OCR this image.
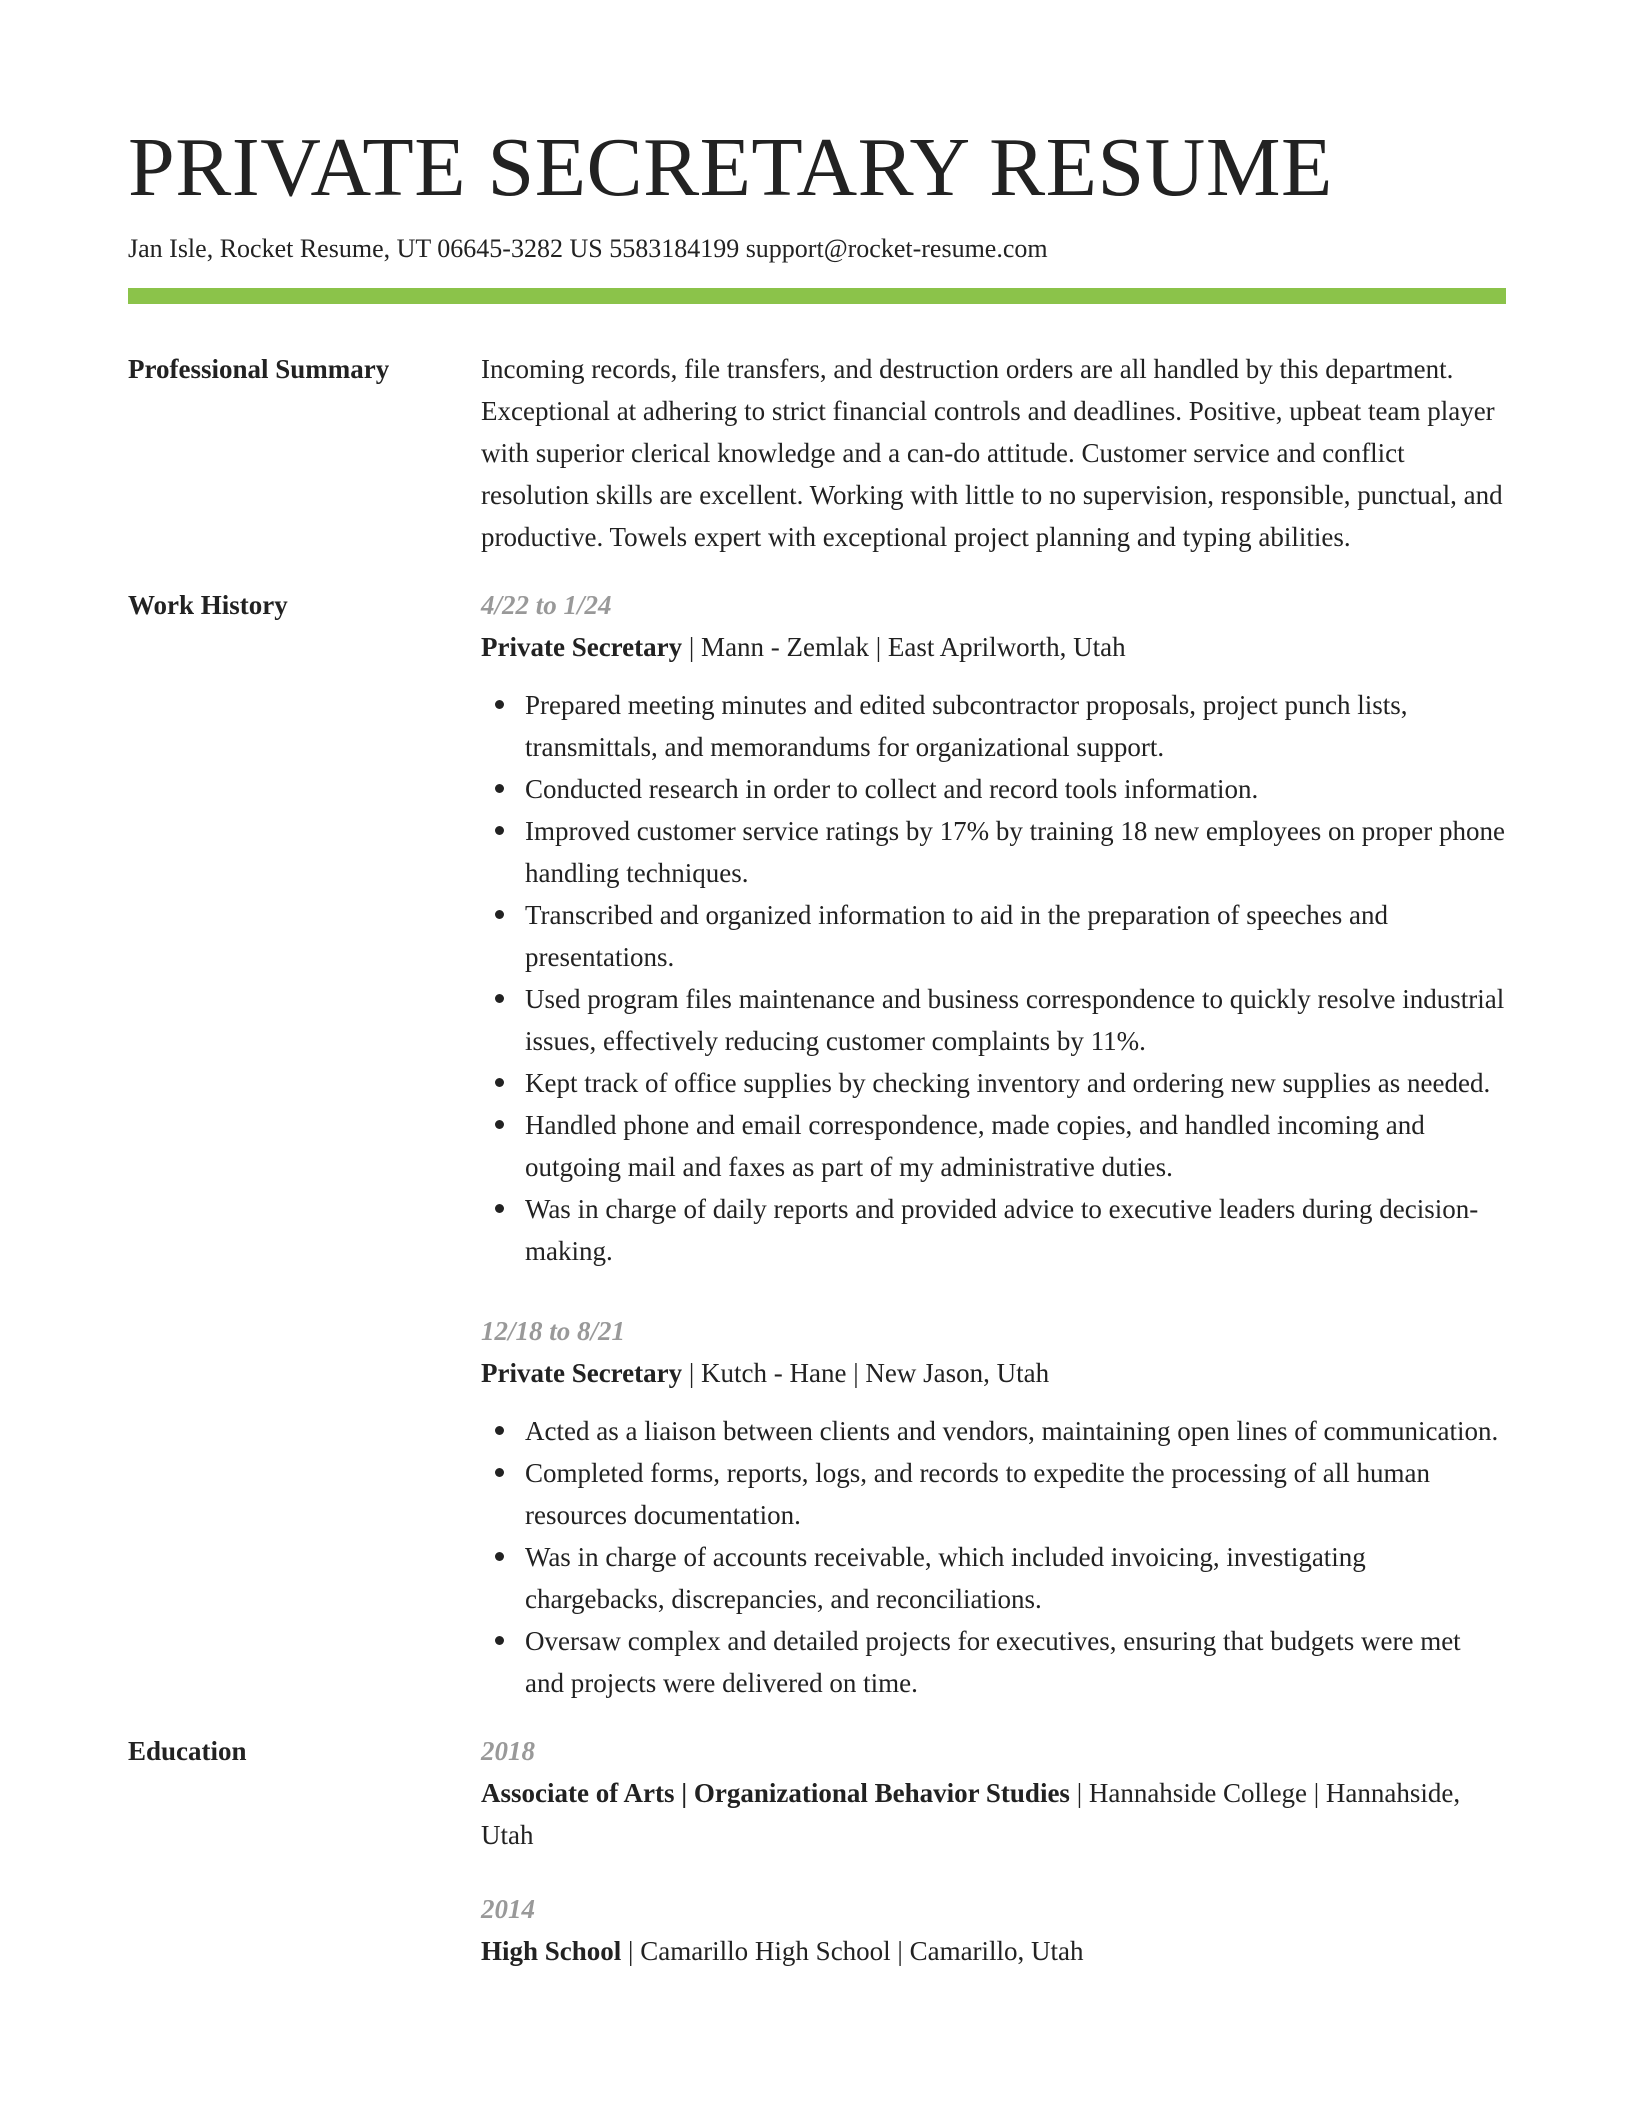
PRIVATE SECRETARY RESUME
Jan Isle, Rocket Resume, UT 06645-3282 US 5583184199 support@rocket-resume.com
Professional Summary	Incoming records, file transfers, and destruction orders are all handled by this department. Exceptional at adhering to strict financial controls and deadlines. Positive, upbeat team player with superior clerical knowledge and a can-do attitude. Customer service and conflict resolution skills are excellent. Working with little to no supervision, responsible, punctual, and productive. Towels expert with exceptional project planning and typing abilities.

Work History	4/22 to 1/24
Private Secretary | Mann - Zemlak | East Aprilworth, Utah
Prepared meeting minutes and edited subcontractor proposals, project punch lists, transmittals, and memorandums for organizational support.
Conducted research in order to collect and record tools information.
Improved customer service ratings by 17% by training 18 new employees on proper phone handling techniques.
Transcribed and organized information to aid in the preparation of speeches and presentations.
Used program files maintenance and business correspondence to quickly resolve industrial issues, effectively reducing customer complaints by 11%.
Kept track of office supplies by checking inventory and ordering new supplies as needed.
Handled phone and email correspondence, made copies, and handled incoming and outgoing mail and faxes as part of my administrative duties.
Was in charge of daily reports and provided advice to executive leaders during decision-making.
12/18 to 8/21
Private Secretary | Kutch - Hane | New Jason, Utah
Acted as a liaison between clients and vendors, maintaining open lines of communication.
Completed forms, reports, logs, and records to expedite the processing of all human resources documentation.
Was in charge of accounts receivable, which included invoicing, investigating chargebacks, discrepancies, and reconciliations.
Oversaw complex and detailed projects for executives, ensuring that budgets were met and projects were delivered on time.
Education	2018
Associate of Arts | Organizational Behavior Studies | Hannahside College | Hannahside, Utah
2014
High School | Camarillo High School | Camarillo, Utah
